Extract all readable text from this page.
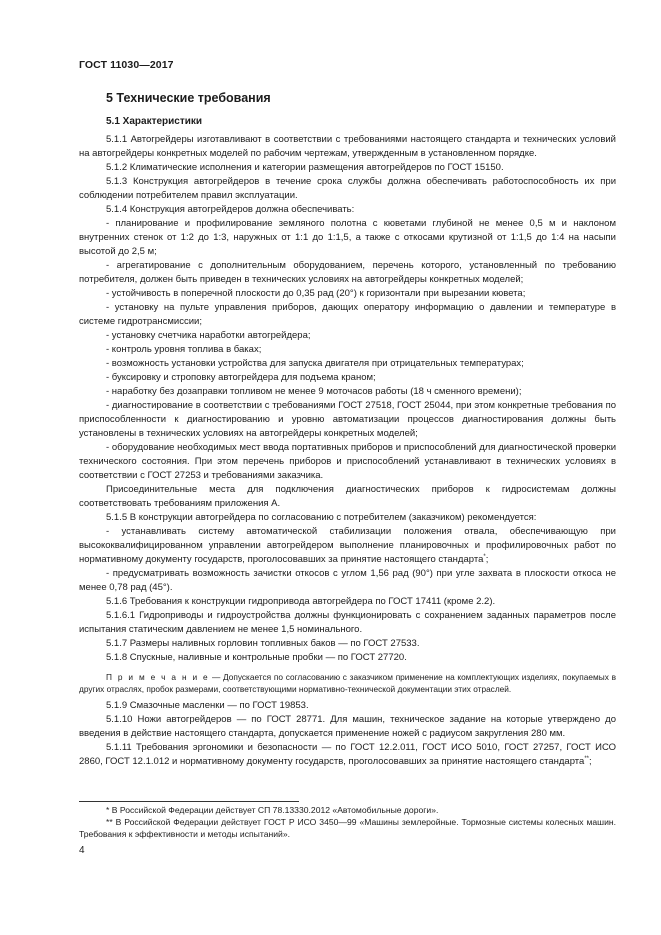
ГОСТ 11030—2017
5 Технические требования
5.1 Характеристики

5.1.1 Автогрейдеры изготавливают в соответствии с требованиями настоящего стандарта и технических условий на автогрейдеры конкретных моделей по рабочим чертежам, утвержденным в установленном порядке.

5.1.2 Климатические исполнения и категории размещения автогрейдеров по ГОСТ 15150.

5.1.3 Конструкция автогрейдеров в течение срока службы должна обеспечивать работоспособность их при соблюдении потребителем правил эксплуатации.

5.1.4 Конструкция автогрейдеров должна обеспечивать:

- планирование и профилирование земляного полотна с кюветами глубиной не менее 0,5 м и наклоном внутренних стенок от 1:2 до 1:3, наружных от 1:1 до 1:1,5, а также с откосами крутизной от 1:1,5 до 1:4 на насыпи высотой до 2,5 м;

- агрегатирование с дополнительным оборудованием, перечень которого, установленный по требованию потребителя, должен быть приведен в технических условиях на автогрейдеры конкретных моделей;

- устойчивость в поперечной плоскости до 0,35 рад (20°) к горизонтали при вырезании кювета;

- установку на пульте управления приборов, дающих оператору информацию о давлении и температуре в системе гидротрансмиссии;

- установку счетчика наработки автогрейдера;

- контроль уровня топлива в баках;

- возможность установки устройства для запуска двигателя при отрицательных температурах;

- буксировку и строповку автогрейдера для подъема краном;

- наработку без дозаправки топливом не менее 9 моточасов работы (18 ч сменного времени);

- диагностирование в соответствии с требованиями ГОСТ 27518, ГОСТ 25044, при этом конкретные требования по приспособленности к диагностированию и уровню автоматизации процессов диагностирования должны быть установлены в технических условиях на автогрейдеры конкретных моделей;

- оборудование необходимых мест ввода портативных приборов и приспособлений для диагностической проверки технического состояния. При этом перечень приборов и приспособлений устанавливают в технических условиях в соответствии с ГОСТ 27253 и требованиями заказчика.

Присоединительные места для подключения диагностических приборов к гидросистемам должны соответствовать требованиям приложения А.

5.1.5 В конструкции автогрейдера по согласованию с потребителем (заказчиком) рекомендуется:

- устанавливать систему автоматической стабилизации положения отвала, обеспечивающую при высококвалифицированном управлении автогрейдером выполнение планировочных и профилировочных работ по нормативному документу государств, проголосовавших за принятие настоящего стандарта*;

- предусматривать возможность зачистки откосов с углом 1,56 рад (90°) при угле захвата в плоскости откоса не менее 0,78 рад (45°).

5.1.6 Требования к конструкции гидропривода автогрейдера по ГОСТ 17411 (кроме 2.2).

5.1.6.1 Гидроприводы и гидроустройства должны функционировать с сохранением заданных параметров после испытания статическим давлением не менее 1,5 номинального.

5.1.7 Размеры наливных горловин топливных баков — по ГОСТ 27533.

5.1.8 Спускные, наливные и контрольные пробки — по ГОСТ 27720.

П р и м е ч а н и е — Допускается по согласованию с заказчиком применение на комплектующих изделиях, покупаемых в других отраслях, пробок размерами, соответствующими нормативно-технической документации этих отраслей.

5.1.9 Смазочные масленки — по ГОСТ 19853.

5.1.10 Ножи автогрейдеров — по ГОСТ 28771. Для машин, техническое задание на которые утверждено до введения в действие настоящего стандарта, допускается применение ножей с радиусом закругления 280 мм.

5.1.11 Требования эргономики и безопасности — по ГОСТ 12.2.011, ГОСТ ИСО 5010, ГОСТ 27257, ГОСТ ИСО 2860, ГОСТ 12.1.012 и нормативному документу государств, проголосовавших за принятие настоящего стандарта**;

* В Российской Федерации действует СП 78.13330.2012 «Автомобильные дороги».

** В Российской Федерации действует ГОСТ Р ИСО 3450—99 «Машины землеройные. Тормозные системы колесных машин. Требования к эффективности и методы испытаний».

4
